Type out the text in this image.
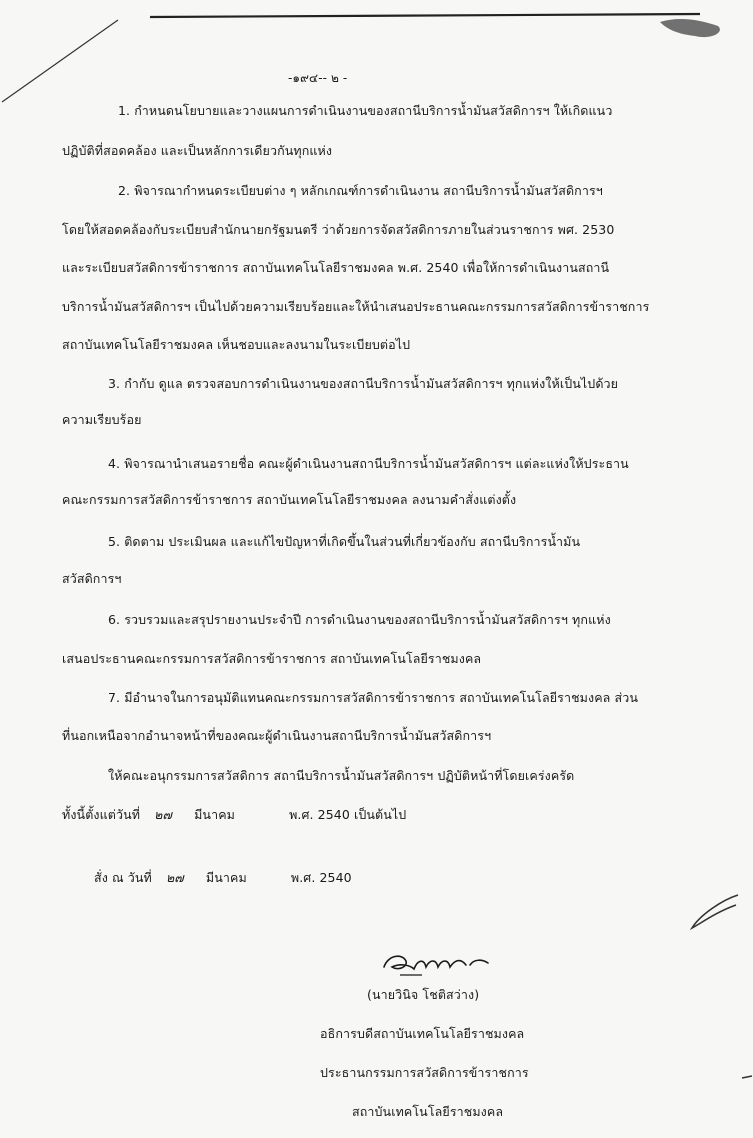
-๑๙๔-- ๒ -
1. กำหนดนโยบายและวางแผนการดำเนินงานของสถานีบริการน้ำมันสวัสดิการฯ ให้เกิดแนว
ปฏิบัติที่สอดคล้อง และเป็นหลักการเดียวกันทุกแห่ง
2. พิจารณากำหนดระเบียบต่าง ๆ หลักเกณฑ์การดำเนินงาน สถานีบริการน้ำมันสวัสดิการฯ
โดยให้สอดคล้องกับระเบียบสำนักนายกรัฐมนตรี ว่าด้วยการจัดสวัสดิการภายในส่วนราชการ พศ. 2530
และระเบียบสวัสดิการข้าราชการ สถาบันเทคโนโลยีราชมงคล พ.ศ. 2540 เพื่อให้การดำเนินงานสถานี
บริการน้ำมันสวัสดิการฯ เป็นไปด้วยความเรียบร้อยและให้นำเสนอประธานคณะกรรมการสวัสดิการข้าราชการ
สถาบันเทคโนโลยีราชมงคล เห็นชอบและลงนามในระเบียบต่อไป
3. กำกับ ดูแล ตรวจสอบการดำเนินงานของสถานีบริการน้ำมันสวัสดิการฯ ทุกแห่งให้เป็นไปด้วย
ความเรียบร้อย
4. พิจารณานำเสนอรายชื่อ คณะผู้ดำเนินงานสถานีบริการน้ำมันสวัสดิการฯ แต่ละแห่งให้ประธาน
คณะกรรมการสวัสดิการข้าราชการ สถาบันเทคโนโลยีราชมงคล ลงนามคำสั่งแต่งตั้ง
5. ติดตาม ประเมินผล และแก้ไขปัญหาที่เกิดขึ้นในส่วนที่เกี่ยวข้องกับ สถานีบริการน้ำมัน
สวัสดิการฯ
6. รวบรวมและสรุปรายงานประจำปี การดำเนินงานของสถานีบริการน้ำมันสวัสดิการฯ ทุกแห่ง
เสนอประธานคณะกรรมการสวัสดิการข้าราชการ สถาบันเทคโนโลยีราชมงคล
7. มีอำนาจในการอนุมัติแทนคณะกรรมการสวัสดิการข้าราชการ สถาบันเทคโนโลยีราชมงคล ส่วน
ที่นอกเหนือจากอำนาจหน้าที่ของคณะผู้ดำเนินงานสถานีบริการน้ำมันสวัสดิการฯ
ให้คณะอนุกรรมการสวัสดิการ สถานีบริการน้ำมันสวัสดิการฯ ปฏิบัติหน้าที่โดยเคร่งครัด
ทั้งนี้ตั้งแต่วันที่ ๒๗ มีนาคม	พ.ศ. 2540 เป็นต้นไป
สั่ง ณ วันที่ ๒๗ มีนาคม	พ.ศ. 2540
(นายวินิจ โชติสว่าง)
อธิการบดีสถาบันเทคโนโลยีราชมงคล
ประธานกรรมการสวัสดิการข้าราชการ
สถาบันเทคโนโลยีราชมงคล
